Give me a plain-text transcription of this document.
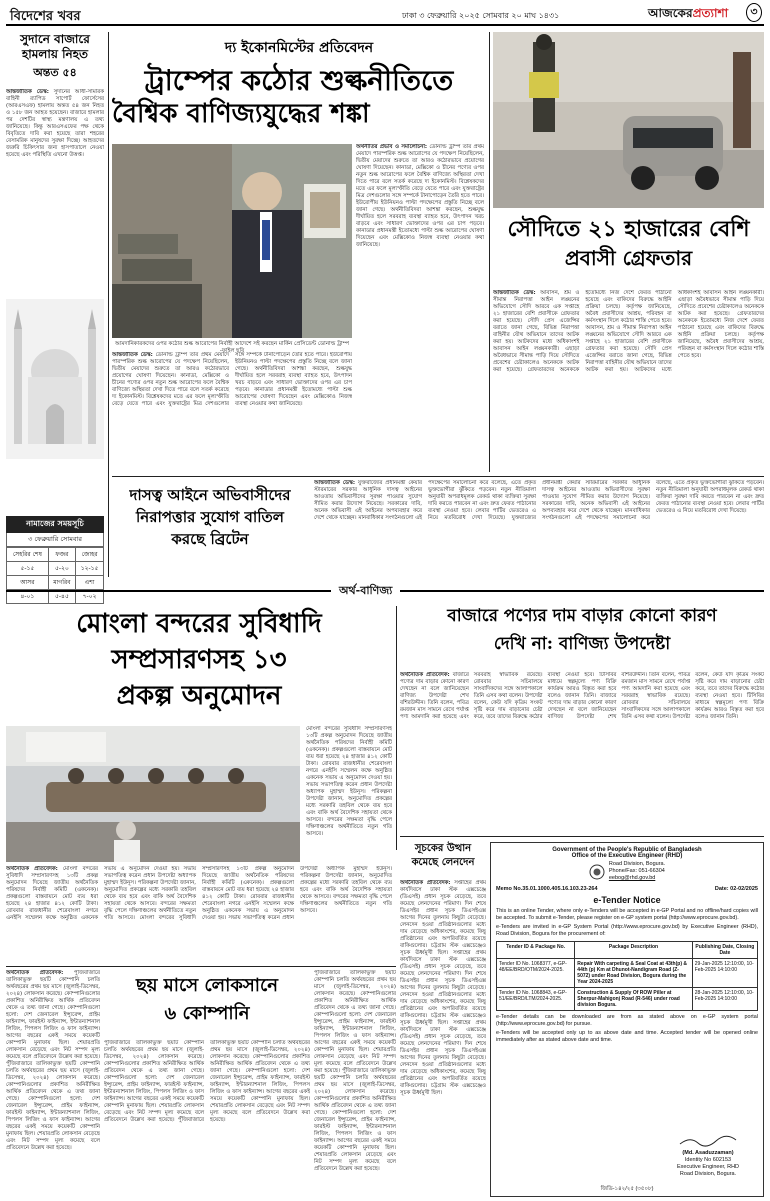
বিদেশের খবর	ঢাকা ৩ ফেব্রুয়ারি ২০২৫ সোমবার ২০ মাঘ ১৪৩১	আজকেরপ্রত্যাশা	৩
সুদানে বাজারে হামলায় নিহত
অন্তত ৫৪
আন্তর্জাতিক ডেস্ক: সুদানের আধা-সামরিক বাহিনী র‍্যাপিড সাপোর্ট ফোর্সেসের (আরএসএফ) হামলায় অন্তত ৫৪ জন নিহত ও ১৫৮ জন আহত হয়েছেন। বাজারে হামলার পর দেশটির স্বাস্থ্য মন্ত্রণালয় এ তথ্য জানিয়েছে। কিন্তু আরএসএফের পক্ষ থেকে বিবৃতিতে দাবি করা হয়েছে তারা শহরের বেসামরিক মানুষদের সুরক্ষা দিচ্ছে। আহতদের জরুরি চিকিৎসার জন্য হাসপাতালে নেওয়া হয়েছে এবং পরিস্থিতি এখনো উত্তপ্ত।
নামাজের সময়সূচি
৩ ফেব্রুয়ারি সোমবার
সেহরির শেষ	ফজর	জোহর
৫-১৫	৫-২০	১২-১৫
আসর	মাগরিব	এশা
৪-০১	৫-৪৫	৭-০২
দ্য ইকোনমিস্টের প্রতিবেদন
ট্রাম্পের কঠোর শুল্কনীতিতে
বৈশ্বিক বাণিজ্যযুদ্ধের শঙ্কা
আমদানিকারকদের ওপর কঠোর শুল্ক আরোপের নির্বাহী আদেশে সই করছেন মার্কিন প্রেসিডেন্ট ডোনাল্ড ট্রাম্প -ফাইল ছবি
অর্থনীতির প্রভাব ও সমালোচনা: ডোনাল্ড ট্রাম্প তার প্রথম মেয়াদে পারস্পরিক শুল্ক আরোপের যে পদক্ষেপ নিয়েছিলেন, দ্বিতীয় মেয়াদের শুরুতে তা আরও কঠোরভাবে প্রয়োগের ঘোষণা দিয়েছেন। কানাডা, মেক্সিকো ও চীনের পণ্যের ওপর নতুন শুল্ক আরোপের ফলে বৈশ্বিক বাণিজ্যে অস্থিরতা দেখা দিতে পারে বলে সতর্ক করেছে দ্য ইকোনমিস্ট। বিশ্লেষকদের মতে এর ফলে মূল্যস্ফীতি বেড়ে যেতে পারে এবং যুক্তরাষ্ট্রের মিত্র দেশগুলোর সঙ্গে সম্পর্কে টানাপোড়েন তৈরি হতে পারে। ইউরোপীয় ইউনিয়নও পাল্টা পদক্ষেপের প্রস্তুতি নিচ্ছে বলে জানা গেছে। অর্থনীতিবিদরা আশঙ্কা করছেন, শুল্কযুদ্ধ দীর্ঘায়িত হলে সরবরাহ ব্যবস্থা ব্যাহত হবে, উৎপাদন খরচ বাড়বে এবং সাধারণ ভোক্তাদের ওপর এর চাপ পড়বে। কানাডার প্রধানমন্ত্রী ইতোমধ্যে পাল্টা শুল্ক আরোপের ঘোষণা দিয়েছেন এবং মেক্সিকোও নিজস্ব ব্যবস্থা নেওয়ার কথা জানিয়েছে।
আন্তর্জাতিক ডেস্ক: ডোনাল্ড ট্রাম্প তার প্রথম মেয়াদে পারস্পরিক শুল্ক আরোপের যে পদক্ষেপ নিয়েছিলেন, দ্বিতীয় মেয়াদের শুরুতে তা আরও কঠোরভাবে প্রয়োগের ঘোষণা দিয়েছেন। কানাডা, মেক্সিকো ও চীনের পণ্যের ওপর নতুন শুল্ক আরোপের ফলে বৈশ্বিক বাণিজ্যে অস্থিরতা দেখা দিতে পারে বলে সতর্ক করেছে দ্য ইকোনমিস্ট। বিশ্লেষকদের মতে এর ফলে মূল্যস্ফীতি বেড়ে যেতে পারে এবং যুক্তরাষ্ট্রের মিত্র দেশগুলোর সঙ্গে সম্পর্কে টানাপোড়েন তৈরি হতে পারে। ইউরোপীয় ইউনিয়নও পাল্টা পদক্ষেপের প্রস্তুতি নিচ্ছে বলে জানা গেছে। অর্থনীতিবিদরা আশঙ্কা করছেন, শুল্কযুদ্ধ দীর্ঘায়িত হলে সরবরাহ ব্যবস্থা ব্যাহত হবে, উৎপাদন খরচ বাড়বে এবং সাধারণ ভোক্তাদের ওপর এর চাপ পড়বে। কানাডার প্রধানমন্ত্রী ইতোমধ্যে পাল্টা শুল্ক আরোপের ঘোষণা দিয়েছেন এবং মেক্সিকোও নিজস্ব ব্যবস্থা নেওয়ার কথা জানিয়েছে।
সৌদিতে ২১ হাজারের বেশি
প্রবাসী গ্রেফতার
আন্তর্জাতিক ডেস্ক: আবাসন, শ্রম ও সীমান্ত নিরাপত্তা আইন লঙ্ঘনের অভিযোগে সৌদি আরবে এক সপ্তাহে ২১ হাজারের বেশি প্রবাসীকে গ্রেফতার করা হয়েছে। সৌদি প্রেস এজেন্সির বরাতে জানা গেছে, বিভিন্ন নিরাপত্তা বাহিনীর যৌথ অভিযানে তাদের আটক করা হয়। আটকদের মধ্যে অধিকাংশই আবাসন আইন লঙ্ঘনকারী। এছাড়া অবৈধভাবে সীমান্ত পাড়ি দিয়ে সৌদিতে প্রবেশের চেষ্টাকালেও অনেককে আটক করা হয়েছে। গ্রেফতারদের অনেককে ইতোমধ্যে নিজ দেশে ফেরত পাঠানো হয়েছে এবং বাকিদের বিরুদ্ধে আইনি প্রক্রিয়া চলছে। কর্তৃপক্ষ জানিয়েছে, অবৈধ প্রবাসীদের আশ্রয়, পরিবহন বা কর্মসংস্থান দিলে কঠোর শাস্তি পেতে হবে। আবাসন, শ্রম ও সীমান্ত নিরাপত্তা আইন লঙ্ঘনের অভিযোগে সৌদি আরবে এক সপ্তাহে ২১ হাজারের বেশি প্রবাসীকে গ্রেফতার করা হয়েছে। সৌদি প্রেস এজেন্সির বরাতে জানা গেছে, বিভিন্ন নিরাপত্তা বাহিনীর যৌথ অভিযানে তাদের আটক করা হয়। আটকদের মধ্যে অধিকাংশই আবাসন আইন লঙ্ঘনকারী। এছাড়া অবৈধভাবে সীমান্ত পাড়ি দিয়ে সৌদিতে প্রবেশের চেষ্টাকালেও অনেককে আটক করা হয়েছে। গ্রেফতারদের অনেককে ইতোমধ্যে নিজ দেশে ফেরত পাঠানো হয়েছে এবং বাকিদের বিরুদ্ধে আইনি প্রক্রিয়া চলছে। কর্তৃপক্ষ জানিয়েছে, অবৈধ প্রবাসীদের আশ্রয়, পরিবহন বা কর্মসংস্থান দিলে কঠোর শাস্তি পেতে হবে।
দাসত্ব আইনে অভিবাসীদের
নিরাপত্তার সুযোগ বাতিল
করছে ব্রিটেন
আন্তর্জাতিক ডেস্ক: যুক্তরাজ্যের প্রধানমন্ত্রী কেয়ার স্টারমারের সরকার আধুনিক দাসত্ব আইনের আওতায় অভিবাসীদের সুরক্ষা পাওয়ার সুযোগ সীমিত করার উদ্যোগ নিয়েছে। সরকারের দাবি, অনেক অভিবাসী এই আইনের অপব্যবহার করে দেশে থেকে যাচ্ছেন। মানবাধিকার সংগঠনগুলো এই পদক্ষেপের সমালোচনা করে বলেছে, এতে প্রকৃত ভুক্তভোগীরা ঝুঁকিতে পড়বেন। নতুন নীতিমালা অনুযায়ী অপরাধমূলক রেকর্ড থাকা ব্যক্তিরা সুরক্ষা দাবি করতে পারবেন না এবং দ্রুত ফেরত পাঠানোর ব্যবস্থা নেওয়া হবে। লেবার পার্টির ভেতরেও এ নিয়ে মতবিরোধ দেখা দিয়েছে। যুক্তরাজ্যের প্রধানমন্ত্রী কেয়ার স্টারমারের সরকার আধুনিক দাসত্ব আইনের আওতায় অভিবাসীদের সুরক্ষা পাওয়ার সুযোগ সীমিত করার উদ্যোগ নিয়েছে। সরকারের দাবি, অনেক অভিবাসী এই আইনের অপব্যবহার করে দেশে থেকে যাচ্ছেন। মানবাধিকার সংগঠনগুলো এই পদক্ষেপের সমালোচনা করে বলেছে, এতে প্রকৃত ভুক্তভোগীরা ঝুঁকিতে পড়বেন। নতুন নীতিমালা অনুযায়ী অপরাধমূলক রেকর্ড থাকা ব্যক্তিরা সুরক্ষা দাবি করতে পারবেন না এবং দ্রুত ফেরত পাঠানোর ব্যবস্থা নেওয়া হবে। লেবার পার্টির ভেতরেও এ নিয়ে মতবিরোধ দেখা দিয়েছে।
অর্থ-বাণিজ্য
মোংলা বন্দরের সুবিধাদি
সম্প্রসারণসহ ১৩
প্রকল্প অনুমোদন
মোংলা বন্দরের সুবিধাদি সম্প্রসারণসহ ১৩টি প্রকল্প অনুমোদন দিয়েছে জাতীয় অর্থনৈতিক পরিষদের নির্বাহী কমিটি (একনেক)। প্রকল্পগুলো বাস্তবায়নে মোট ব্যয় ধরা হয়েছে ২৪ হাজার ৪১২ কোটি টাকা। রোববার রাজধানীর শেরেবাংলা নগরে এনইসি সম্মেলন কক্ষে অনুষ্ঠিত একনেক সভায় এ অনুমোদন দেওয়া হয়। সভায় সভাপতিত্ব করেন প্রধান উপদেষ্টা অধ্যাপক মুহাম্মদ ইউনূস। পরিকল্পনা উপদেষ্টা জানান, অনুমোদিত প্রকল্পের মধ্যে সরকারি তহবিল থেকে ব্যয় হবে এবং বাকি অর্থ বৈদেশিক সহায়তা থেকে আসবে। বন্দরের সক্ষমতা বৃদ্ধি পেলে দক্ষিণাঞ্চলের অর্থনীতিতে নতুন গতি আসবে।
অর্থনৈতিক প্রতিবেদক: মোংলা বন্দরের সুবিধাদি সম্প্রসারণসহ ১৩টি প্রকল্প অনুমোদন দিয়েছে জাতীয় অর্থনৈতিক পরিষদের নির্বাহী কমিটি (একনেক)। প্রকল্পগুলো বাস্তবায়নে মোট ব্যয় ধরা হয়েছে ২৪ হাজার ৪১২ কোটি টাকা। রোববার রাজধানীর শেরেবাংলা নগরে এনইসি সম্মেলন কক্ষে অনুষ্ঠিত একনেক সভায় এ অনুমোদন দেওয়া হয়। সভায় সভাপতিত্ব করেন প্রধান উপদেষ্টা অধ্যাপক মুহাম্মদ ইউনূস। পরিকল্পনা উপদেষ্টা জানান, অনুমোদিত প্রকল্পের মধ্যে সরকারি তহবিল থেকে ব্যয় হবে এবং বাকি অর্থ বৈদেশিক সহায়তা থেকে আসবে। বন্দরের সক্ষমতা বৃদ্ধি পেলে দক্ষিণাঞ্চলের অর্থনীতিতে নতুন গতি আসবে। মোংলা বন্দরের সুবিধাদি সম্প্রসারণসহ ১৩টি প্রকল্প অনুমোদন দিয়েছে জাতীয় অর্থনৈতিক পরিষদের নির্বাহী কমিটি (একনেক)। প্রকল্পগুলো বাস্তবায়নে মোট ব্যয় ধরা হয়েছে ২৪ হাজার ৪১২ কোটি টাকা। রোববার রাজধানীর শেরেবাংলা নগরে এনইসি সম্মেলন কক্ষে অনুষ্ঠিত একনেক সভায় এ অনুমোদন দেওয়া হয়। সভায় সভাপতিত্ব করেন প্রধান উপদেষ্টা অধ্যাপক মুহাম্মদ ইউনূস। পরিকল্পনা উপদেষ্টা জানান, অনুমোদিত প্রকল্পের মধ্যে সরকারি তহবিল থেকে ব্যয় হবে এবং বাকি অর্থ বৈদেশিক সহায়তা থেকে আসবে। বন্দরের সক্ষমতা বৃদ্ধি পেলে দক্ষিণাঞ্চলের অর্থনীতিতে নতুন গতি আসবে।
বাজারে পণ্যের দাম বাড়ার কোনো কারণ
দেখি না: বাণিজ্য উপদেষ্টা
অর্থনৈতিক প্রতিবেদক: বাজারে পণ্যের দাম বাড়ার কোনো কারণ দেখছেন না বলে জানিয়েছেন বাণিজ্য উপদেষ্টা শেখ বশিরউদ্দীন। তিনি বলেন, পবিত্র রমজান মাস সামনে রেখে পর্যাপ্ত পণ্য আমদানি করা হয়েছে এবং সরবরাহ স্বাভাবিক রয়েছে। রোববার সচিবালয়ে সাংবাদিকদের সঙ্গে আলাপকালে তিনি এসব কথা বলেন। উপদেষ্টা বলেন, কেউ যদি কৃত্রিম সংকট সৃষ্টি করে দাম বাড়ানোর চেষ্টা করে, তবে তাদের বিরুদ্ধে কঠোর ব্যবস্থা নেওয়া হবে। টিসিবির মাধ্যমে স্বল্পমূল্যে পণ্য বিক্রি কার্যক্রম আরও বিস্তৃত করা হবে বলেও জানান তিনি। বাজারে পণ্যের দাম বাড়ার কোনো কারণ দেখছেন না বলে জানিয়েছেন বাণিজ্য উপদেষ্টা শেখ বশিরউদ্দীন। তিনি বলেন, পবিত্র রমজান মাস সামনে রেখে পর্যাপ্ত পণ্য আমদানি করা হয়েছে এবং সরবরাহ স্বাভাবিক রয়েছে। রোববার সচিবালয়ে সাংবাদিকদের সঙ্গে আলাপকালে তিনি এসব কথা বলেন। উপদেষ্টা বলেন, কেউ যদি কৃত্রিম সংকট সৃষ্টি করে দাম বাড়ানোর চেষ্টা করে, তবে তাদের বিরুদ্ধে কঠোর ব্যবস্থা নেওয়া হবে। টিসিবির মাধ্যমে স্বল্পমূল্যে পণ্য বিক্রি কার্যক্রম আরও বিস্তৃত করা হবে বলেও জানান তিনি।
সূচকের উত্থান
কমেছে লেনদেন
অর্থনৈতিক প্রতিবেদক: সপ্তাহের প্রথম কার্যদিবসে ঢাকা স্টক এক্সচেঞ্জে (ডিএসই) প্রধান সূচক বেড়েছে, তবে কমেছে লেনদেনের পরিমাণ। দিন শেষে ডিএসইর প্রধান সূচক ডিএসইএক্স আগের দিনের তুলনায় কিছুটা বেড়েছে। লেনদেন হওয়া প্রতিষ্ঠানগুলোর মধ্যে দাম বেড়েছে অধিকাংশের, কমেছে কিছু প্রতিষ্ঠানের এবং অপরিবর্তিত রয়েছে বাকিগুলোর। চট্টগ্রাম স্টক এক্সচেঞ্জেও সূচক ঊর্ধ্বমুখী ছিল। সপ্তাহের প্রথম কার্যদিবসে ঢাকা স্টক এক্সচেঞ্জে (ডিএসই) প্রধান সূচক বেড়েছে, তবে কমেছে লেনদেনের পরিমাণ। দিন শেষে ডিএসইর প্রধান সূচক ডিএসইএক্স আগের দিনের তুলনায় কিছুটা বেড়েছে। লেনদেন হওয়া প্রতিষ্ঠানগুলোর মধ্যে দাম বেড়েছে অধিকাংশের, কমেছে কিছু প্রতিষ্ঠানের এবং অপরিবর্তিত রয়েছে বাকিগুলোর। চট্টগ্রাম স্টক এক্সচেঞ্জেও সূচক ঊর্ধ্বমুখী ছিল। সপ্তাহের প্রথম কার্যদিবসে ঢাকা স্টক এক্সচেঞ্জে (ডিএসই) প্রধান সূচক বেড়েছে, তবে কমেছে লেনদেনের পরিমাণ। দিন শেষে ডিএসইর প্রধান সূচক ডিএসইএক্স আগের দিনের তুলনায় কিছুটা বেড়েছে। লেনদেন হওয়া প্রতিষ্ঠানগুলোর মধ্যে দাম বেড়েছে অধিকাংশের, কমেছে কিছু প্রতিষ্ঠানের এবং অপরিবর্তিত রয়েছে বাকিগুলোর। চট্টগ্রাম স্টক এক্সচেঞ্জেও সূচক ঊর্ধ্বমুখী ছিল।
অর্থনৈতিক প্রতিবেদক: পুঁজিবাজারে তালিকাভুক্ত ছয়টি কোম্পানি চলতি অর্থবছরের প্রথম ছয় মাসে (জুলাই-ডিসেম্বর, ২০২৪) লোকসান করেছে। কোম্পানিগুলোর প্রকাশিত অনিরীক্ষিত আর্থিক প্রতিবেদন থেকে এ তথ্য জানা গেছে। কোম্পানিগুলো হলো: দেশ জেনারেল ইন্স্যুরেন্স, প্রাইম ফাইন্যান্স, ফারইস্ট ফাইন্যান্স, ইন্টারন্যাশনাল লিজিং, পিপলস লিজিং ও ফাস ফাইন্যান্স। আগের বছরের একই সময়ে কয়েকটি কোম্পানি মুনাফায় ছিল। শেয়ারপ্রতি লোকসান বেড়েছে এবং নিট সম্পদ মূল্য কমেছে বলে প্রতিবেদনে উল্লেখ করা হয়েছে। পুঁজিবাজারে তালিকাভুক্ত ছয়টি কোম্পানি চলতি অর্থবছরের প্রথম ছয় মাসে (জুলাই-ডিসেম্বর, ২০২৪) লোকসান করেছে। কোম্পানিগুলোর প্রকাশিত অনিরীক্ষিত আর্থিক প্রতিবেদন থেকে এ তথ্য জানা গেছে। কোম্পানিগুলো হলো: দেশ জেনারেল ইন্স্যুরেন্স, প্রাইম ফাইন্যান্স, ফারইস্ট ফাইন্যান্স, ইন্টারন্যাশনাল লিজিং, পিপলস লিজিং ও ফাস ফাইন্যান্স। আগের বছরের একই সময়ে কয়েকটি কোম্পানি মুনাফায় ছিল। শেয়ারপ্রতি লোকসান বেড়েছে এবং নিট সম্পদ মূল্য কমেছে বলে প্রতিবেদনে উল্লেখ করা হয়েছে।
ছয় মাসে লোকসানে
৬ কোম্পানি
পুঁজিবাজারে তালিকাভুক্ত ছয়টি কোম্পানি চলতি অর্থবছরের প্রথম ছয় মাসে (জুলাই-ডিসেম্বর, ২০২৪) লোকসান করেছে। কোম্পানিগুলোর প্রকাশিত অনিরীক্ষিত আর্থিক প্রতিবেদন থেকে এ তথ্য জানা গেছে। কোম্পানিগুলো হলো: দেশ জেনারেল ইন্স্যুরেন্স, প্রাইম ফাইন্যান্স, ফারইস্ট ফাইন্যান্স, ইন্টারন্যাশনাল লিজিং, পিপলস লিজিং ও ফাস ফাইন্যান্স। আগের বছরের একই সময়ে কয়েকটি কোম্পানি মুনাফায় ছিল। শেয়ারপ্রতি লোকসান বেড়েছে এবং নিট সম্পদ মূল্য কমেছে বলে প্রতিবেদনে উল্লেখ করা হয়েছে। পুঁজিবাজারে তালিকাভুক্ত ছয়টি কোম্পানি চলতি অর্থবছরের প্রথম ছয় মাসে (জুলাই-ডিসেম্বর, ২০২৪) লোকসান করেছে। কোম্পানিগুলোর প্রকাশিত অনিরীক্ষিত আর্থিক প্রতিবেদন থেকে এ তথ্য জানা গেছে। কোম্পানিগুলো হলো: দেশ জেনারেল ইন্স্যুরেন্স, প্রাইম ফাইন্যান্স, ফারইস্ট ফাইন্যান্স, ইন্টারন্যাশনাল লিজিং, পিপলস লিজিং ও ফাস ফাইন্যান্স। আগের বছরের একই সময়ে কয়েকটি কোম্পানি মুনাফায় ছিল। শেয়ারপ্রতি লোকসান বেড়েছে এবং নিট সম্পদ মূল্য কমেছে বলে প্রতিবেদনে উল্লেখ করা হয়েছে।
পুঁজিবাজারে তালিকাভুক্ত ছয়টি কোম্পানি চলতি অর্থবছরের প্রথম ছয় মাসে (জুলাই-ডিসেম্বর, ২০২৪) লোকসান করেছে। কোম্পানিগুলোর প্রকাশিত অনিরীক্ষিত আর্থিক প্রতিবেদন থেকে এ তথ্য জানা গেছে। কোম্পানিগুলো হলো: দেশ জেনারেল ইন্স্যুরেন্স, প্রাইম ফাইন্যান্স, ফারইস্ট ফাইন্যান্স, ইন্টারন্যাশনাল লিজিং, পিপলস লিজিং ও ফাস ফাইন্যান্স। আগের বছরের একই সময়ে কয়েকটি কোম্পানি মুনাফায় ছিল। শেয়ারপ্রতি লোকসান বেড়েছে এবং নিট সম্পদ মূল্য কমেছে বলে প্রতিবেদনে উল্লেখ করা হয়েছে। পুঁজিবাজারে তালিকাভুক্ত ছয়টি কোম্পানি চলতি অর্থবছরের প্রথম ছয় মাসে (জুলাই-ডিসেম্বর, ২০২৪) লোকসান করেছে। কোম্পানিগুলোর প্রকাশিত অনিরীক্ষিত আর্থিক প্রতিবেদন থেকে এ তথ্য জানা গেছে। কোম্পানিগুলো হলো: দেশ জেনারেল ইন্স্যুরেন্স, প্রাইম ফাইন্যান্স, ফারইস্ট ফাইন্যান্স, ইন্টারন্যাশনাল লিজিং, পিপলস লিজিং ও ফাস ফাইন্যান্স। আগের বছরের একই সময়ে কয়েকটি কোম্পানি মুনাফায় ছিল। শেয়ারপ্রতি লোকসান বেড়েছে এবং নিট সম্পদ মূল্য কমেছে বলে প্রতিবেদনে উল্লেখ করা হয়েছে।
Government of the People's Republic of Bangladesh
Office of the Executive Engineer (RHD)
Road Division, Bogura.
Phone/Fax: 051-66304
eebog@rhd.gov.bd
Memo No.35.01.1000.405.16.103.23-264	Date: 02-02/2025
e-Tender Notice
This is an online Tender, where only e-Tenders will be accepted in e-GP Portal and no offline/hard copies will be accepted. To submit e-Tender, please register on e-GP system portal (http://www.eprocure.gov.bd).
e-Tenders are invited in e-GP System Portal (http://www.eprocure.gov.bd) by Executive Engineer (RHD), Road Division, Bogura for the procurement of:
Tender ID & Package No.	Package Description	Publishing Date, Closing Date
Tender ID No. 1068377, e-GP-48/EE/BRD/OTM/2024-2025.	Repair With carpeting & Seal Coat at 43th(p) & 44th (p) Km at Dhunot-Nandigram Road (Z-5072) under Road Division, Bogura during the Year 2024-2025	29-Jan-2025 12:10:00, 10-Feb-2025 14:10:00
Tender ID No. 1068843, e-GP-51/EE/BRD/LTM/2024-2025.	Construction & Supply Of ROW Piller at Sherpur-Mahigonj Road (R-546) under road division Bogura.	28-Jan-2025 12:10:00, 10-Feb-2025 14:10:00
e-Tender details can be downloaded are from as stated above on e-GP system portal (http://www.eprocure.gov.bd) for pursue.
e-Tenders will be accepted only up to as above date and time. Accepted tender will be opened online immediately after as stated above date and time.
(Md. Asaduzzaman)
Identity No 602153
Executive Engineer, RHD
Road Division, Bogura.
জিডি-১৪২/২৫ (৩৫০৮)
